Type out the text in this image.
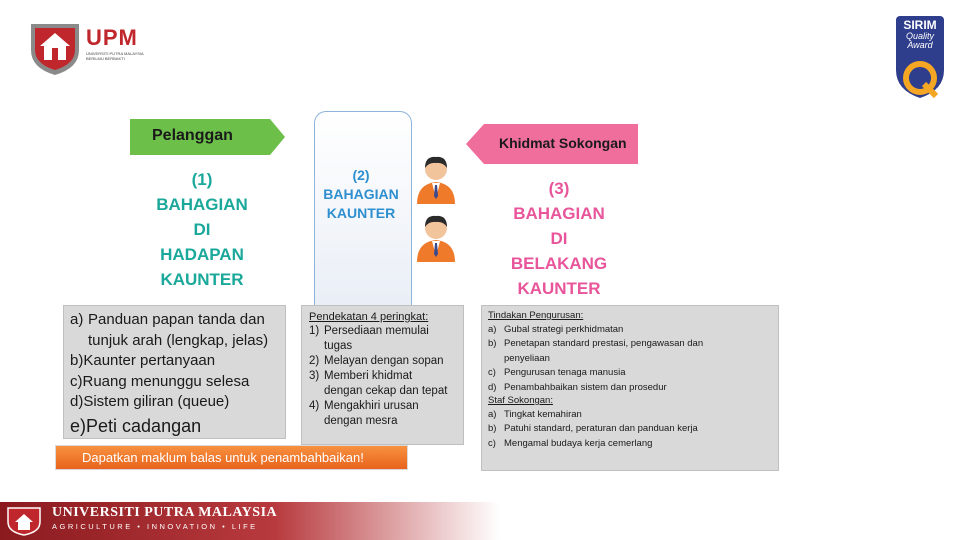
UPM
UNIVERSITI PUTRA MALAYSIA BERILMU BERBAKTI
SIRIM
Quality
Award
Pelanggan	Khidmat Sokongan
(1)
BAHAGIAN
DI
HADAPAN
KAUNTER
(2)
BAHAGIAN
KAUNTER
(3)
BAHAGIAN
DI
BELAKANG
KAUNTER
a) Panduan papan tanda dan
tunjuk arah (lengkap, jelas)
b) Kaunter pertanyaan
c) Ruang menunggu selesa
d) Sistem giliran (queue)
e) Peti cadangan
Pendekatan 4 peringkat:
1) Persediaan memulai
tugas
2) Melayan dengan sopan
3) Memberi khidmat
dengan cekap dan tepat
4) Mengakhiri urusan
dengan mesra
Tindakan Pengurusan:
a) Gubal strategi perkhidmatan
b) Penetapan standard prestasi, pengawasan dan
penyeliaan
c) Pengurusan tenaga manusia
d) Penambahbaikan sistem dan prosedur
Staf Sokongan:
a) Tingkat kemahiran
b) Patuhi standard, peraturan dan panduan kerja
c) Mengamal budaya kerja cemerlang
Dapatkan maklum balas untuk penambahbaikan!
UNIVERSITI PUTRA MALAYSIA
AGRICULTURE • INNOVATION • LIFE
